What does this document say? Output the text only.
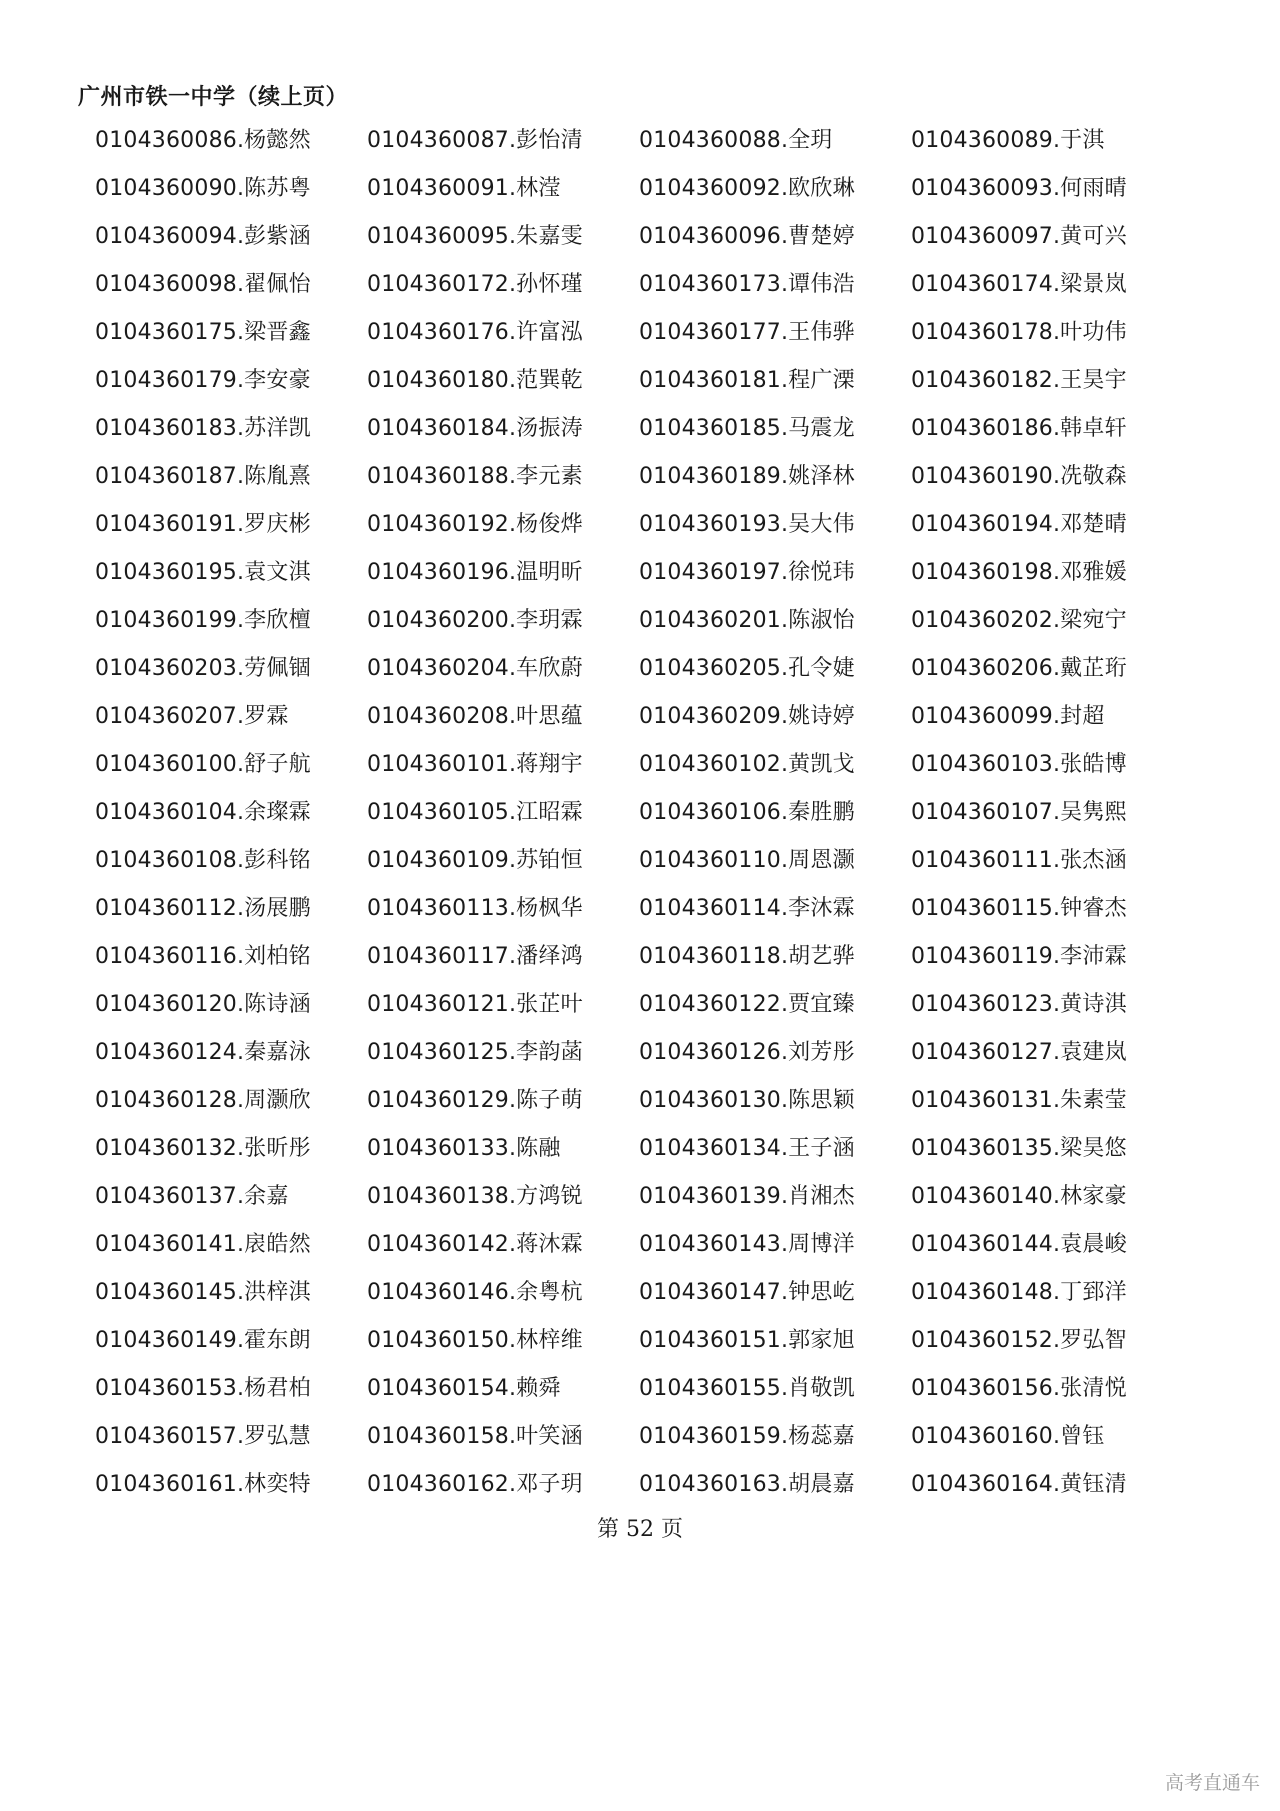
广州市铁一中学（续上页）
0104360086.杨懿然	0104360087.彭怡清	0104360088.全玥	0104360089.于淇
0104360090.陈苏粤	0104360091.林滢	0104360092.欧欣琳	0104360093.何雨晴
0104360094.彭紫涵	0104360095.朱嘉雯	0104360096.曹楚婷	0104360097.黄可兴
0104360098.翟佩怡	0104360172.孙怀瑾	0104360173.谭伟浩	0104360174.梁景岚
0104360175.梁晋鑫	0104360176.许富泓	0104360177.王伟骅	0104360178.叶功伟
0104360179.李安豪	0104360180.范巽乾	0104360181.程广溧	0104360182.王昊宇
0104360183.苏洋凯	0104360184.汤振涛	0104360185.马震龙	0104360186.韩卓轩
0104360187.陈胤熹	0104360188.李元素	0104360189.姚泽林	0104360190.冼敬森
0104360191.罗庆彬	0104360192.杨俊烨	0104360193.吴大伟	0104360194.邓楚晴
0104360195.袁文淇	0104360196.温明昕	0104360197.徐悦玮	0104360198.邓雅媛
0104360199.李欣檀	0104360200.李玥霖	0104360201.陈淑怡	0104360202.梁宛宁
0104360203.劳佩锢	0104360204.车欣蔚	0104360205.孔令婕	0104360206.戴芷珩
0104360207.罗霖	0104360208.叶思蕴	0104360209.姚诗婷	0104360099.封超
0104360100.舒子航	0104360101.蒋翔宇	0104360102.黄凯戈	0104360103.张皓博
0104360104.余璨霖	0104360105.江昭霖	0104360106.秦胜鹏	0104360107.吴隽熙
0104360108.彭科铭	0104360109.苏铂恒	0104360110.周恩灏	0104360111.张杰涵
0104360112.汤展鹏	0104360113.杨枫华	0104360114.李沐霖	0104360115.钟睿杰
0104360116.刘柏铭	0104360117.潘绎鸿	0104360118.胡艺骅	0104360119.李沛霖
0104360120.陈诗涵	0104360121.张芷叶	0104360122.贾宜臻	0104360123.黄诗淇
0104360124.秦嘉泳	0104360125.李韵菡	0104360126.刘芳彤	0104360127.袁建岚
0104360128.周灏欣	0104360129.陈子萌	0104360130.陈思颖	0104360131.朱素莹
0104360132.张昕彤	0104360133.陈融	0104360134.王子涵	0104360135.梁昊悠
0104360137.余嘉	0104360138.方鸿锐	0104360139.肖湘杰	0104360140.林家豪
0104360141.扆皓然	0104360142.蒋沐霖	0104360143.周博洋	0104360144.袁晨峻
0104360145.洪梓淇	0104360146.余粤杭	0104360147.钟思屹	0104360148.丁郅洋
0104360149.霍东朗	0104360150.林梓维	0104360151.郭家旭	0104360152.罗弘智
0104360153.杨君柏	0104360154.赖舜	0104360155.肖敬凯	0104360156.张清悦
0104360157.罗弘慧	0104360158.叶笑涵	0104360159.杨蕊嘉	0104360160.曾钰
0104360161.林奕特	0104360162.邓子玥	0104360163.胡晨嘉	0104360164.黄钰清
第 52 页
高考直通车
